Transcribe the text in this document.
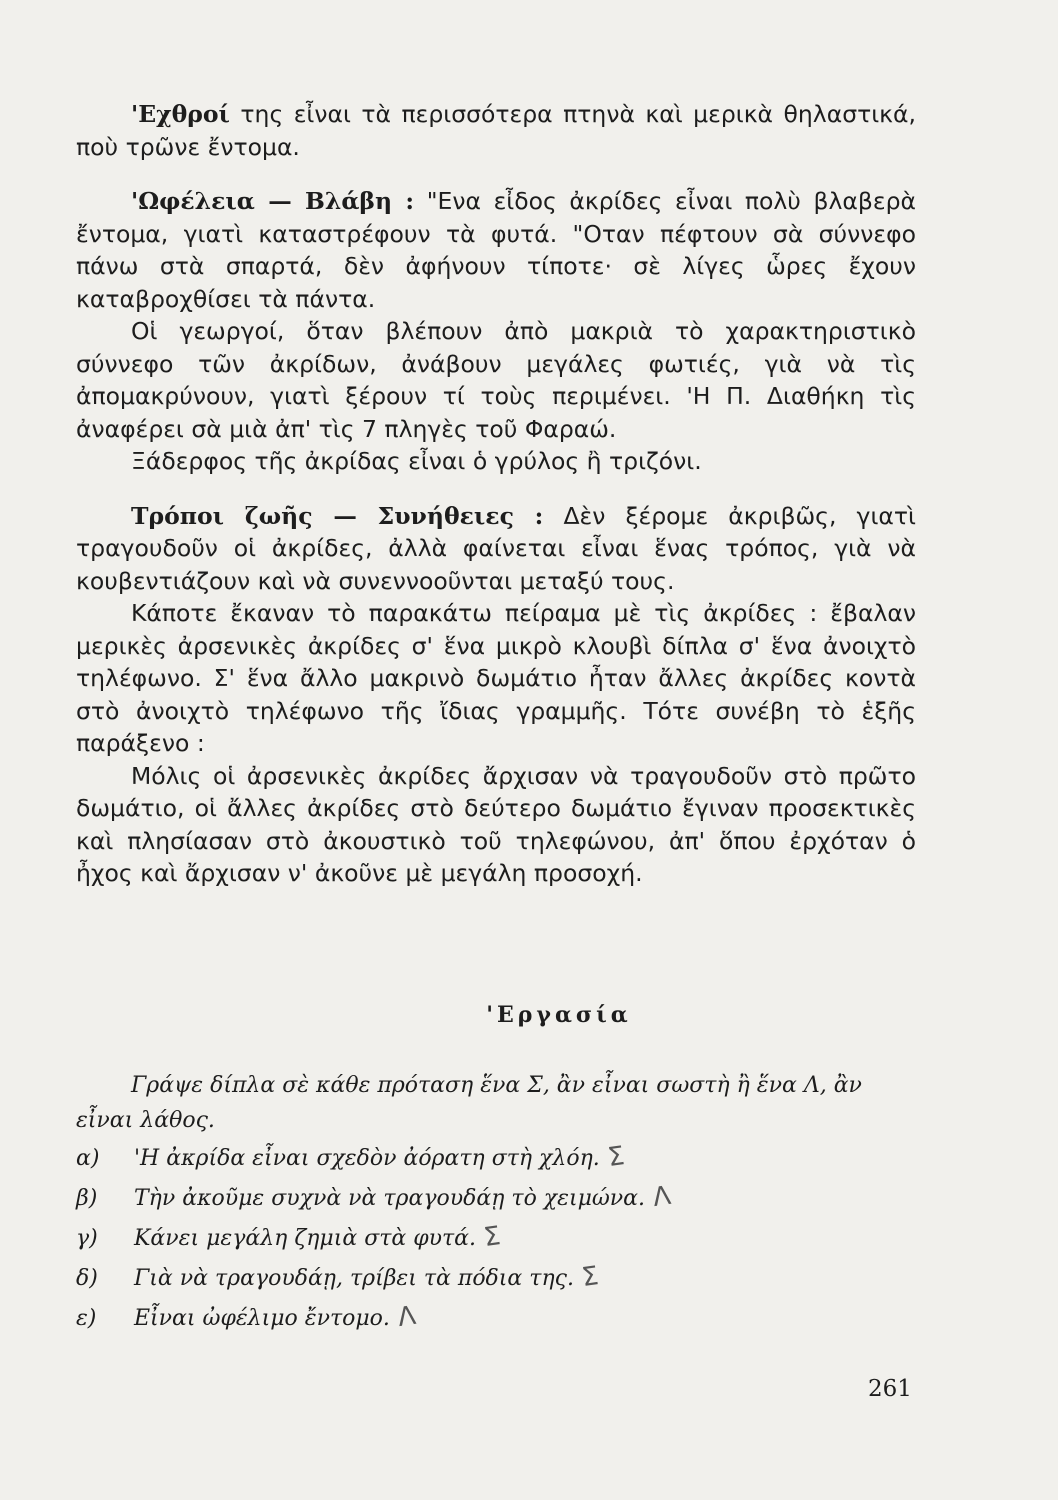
'Εχθροί της εἶναι τὰ περισσότερα πτηνὰ καὶ μερικὰ θηλαστικά, ποὺ τρῶνε ἔντομα.

'Ωφέλεια — Βλάβη : "Ενα εἶδος ἀκρίδες εἶναι πολὺ βλαβερὰ ἔντομα, γιατὶ καταστρέφουν τὰ φυτά. "Οταν πέφτουν σὰ σύννεφο πάνω στὰ σπαρτά, δὲν ἀφήνουν τίποτε· σὲ λίγες ὧρες ἔχουν καταβροχθίσει τὰ πάντα.

Οἱ γεωργοί, ὅταν βλέπουν ἀπὸ μακριὰ τὸ χαρακτηριστικὸ σύννεφο τῶν ἀκρίδων, ἀνάβουν μεγάλες φωτιές, γιὰ νὰ τὶς ἀπομακρύνουν, γιατὶ ξέρουν τί τοὺς περιμένει. 'Η Π. Διαθήκη τὶς ἀναφέρει σὰ μιὰ ἀπ' τὶς 7 πληγὲς τοῦ Φαραώ.

Ξάδερφος τῆς ἀκρίδας εἶναι ὁ γρύλος ἢ τριζόνι.

Τρόποι ζωῆς — Συνήθειες : Δὲν ξέρομε ἀκριβῶς, γιατὶ τραγουδοῦν οἱ ἀκρίδες, ἀλλὰ φαίνεται εἶναι ἕνας τρόπος, γιὰ νὰ κουβεντιάζουν καὶ νὰ συνεννοοῦνται μεταξύ τους.

Κάποτε ἔκαναν τὸ παρακάτω πείραμα μὲ τὶς ἀκρίδες : ἔβαλαν μερικὲς ἀρσενικὲς ἀκρίδες σ' ἕνα μικρὸ κλουβὶ δίπλα σ' ἕνα ἀνοιχτὸ τηλέφωνο. Σ' ἕνα ἄλλο μακρινὸ δωμάτιο ἦταν ἄλλες ἀκρίδες κοντὰ στὸ ἀνοιχτὸ τηλέφωνο τῆς ἴδιας γραμμῆς. Τότε συνέβη τὸ ἑξῆς παράξενο :

Μόλις οἱ ἀρσενικὲς ἀκρίδες ἄρχισαν νὰ τραγουδοῦν στὸ πρῶτο δωμάτιο, οἱ ἄλλες ἀκρίδες στὸ δεύτερο δωμάτιο ἔγιναν προσεκτικὲς καὶ πλησίασαν στὸ ἀκουστικὸ τοῦ τηλεφώνου, ἀπ' ὅπου ἐρχόταν ὁ ἦχος καὶ ἄρχισαν ν' ἀκοῦνε μὲ μεγάλη προσοχή.

'Εργασία

Γράψε δίπλα σὲ κάθε πρόταση ἕνα Σ, ἂν εἶναι σωστὴ ἢ ἕνα Λ, ἂν εἶναι λάθος.

α) 'Η ἀκρίδα εἶναι σχεδὸν ἀόρατη στὴ χλόη. Σ

β) Τὴν ἀκοῦμε συχνὰ νὰ τραγουδάῃ τὸ χειμώνα. Λ

γ) Κάνει μεγάλη ζημιὰ στὰ φυτά. Σ

δ) Γιὰ νὰ τραγουδάῃ, τρίβει τὰ πόδια της. Σ

ε) Εἶναι ὠφέλιμο ἔντομο. Λ

261
